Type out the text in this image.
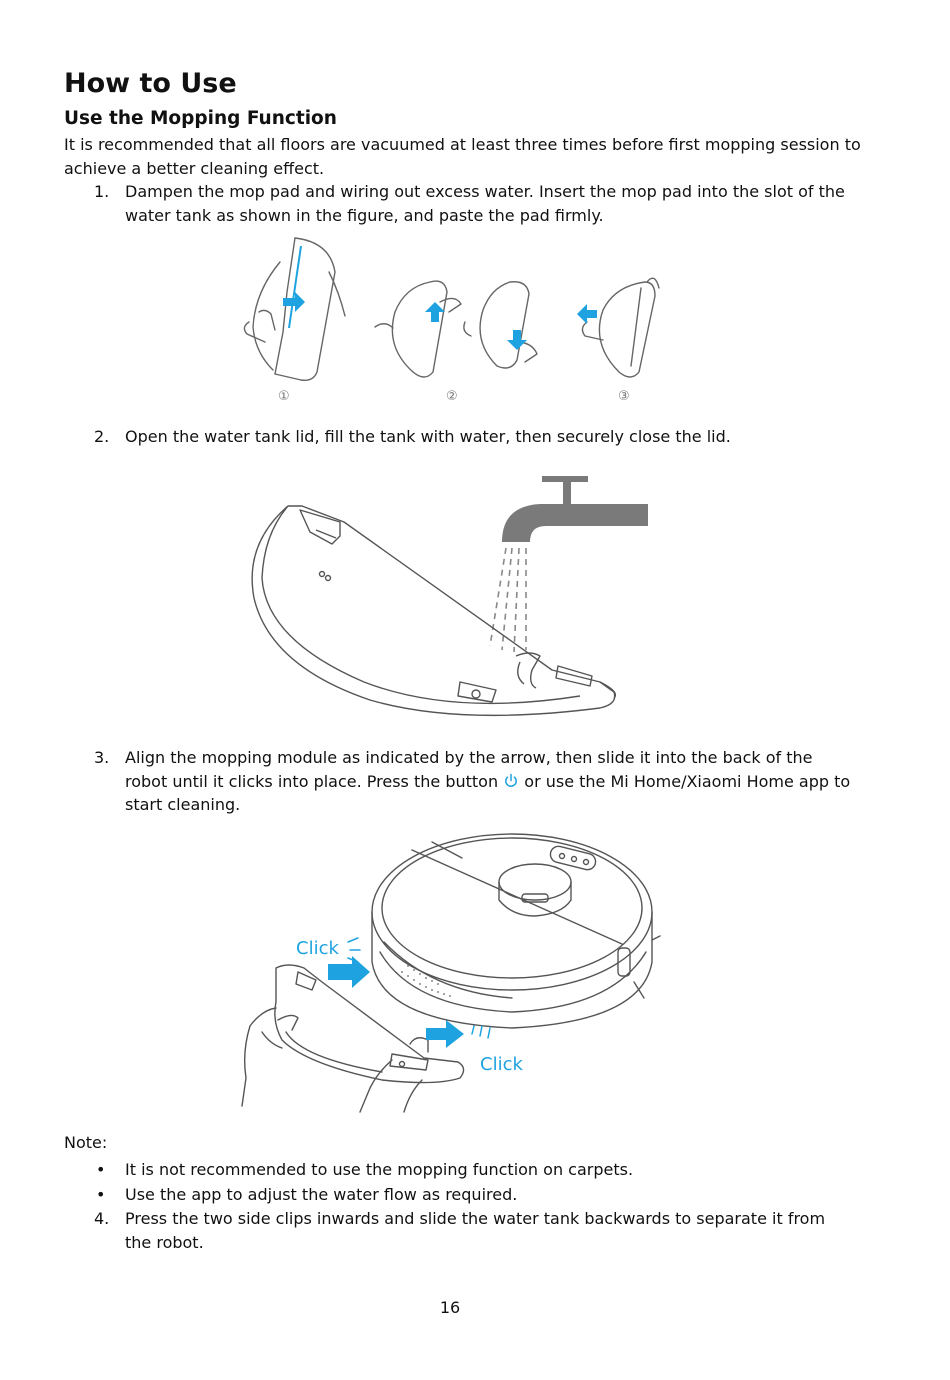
How to Use
Use the Mopping Function

It is recommended that all floors are vacuumed at least three times before first mopping session to achieve a better cleaning effect.

1. Dampen the mop pad and wiring out excess water. Insert the mop pad into the slot of the water tank as shown in the figure, and paste the pad firmly.
①	②	③
2. Open the water tank lid, fill the tank with water, then securely close the lid.
3. Align the mopping module as indicated by the arrow, then slide it into the back of the robot until it clicks into place. Press the button  or use the Mi Home/Xiaomi Home app to start cleaning.
Click
Click
Note:
• It is not recommended to use the mopping function on carpets.
• Use the app to adjust the water flow as required.
4. Press the two side clips inwards and slide the water tank backwards to separate it from the robot.
16
